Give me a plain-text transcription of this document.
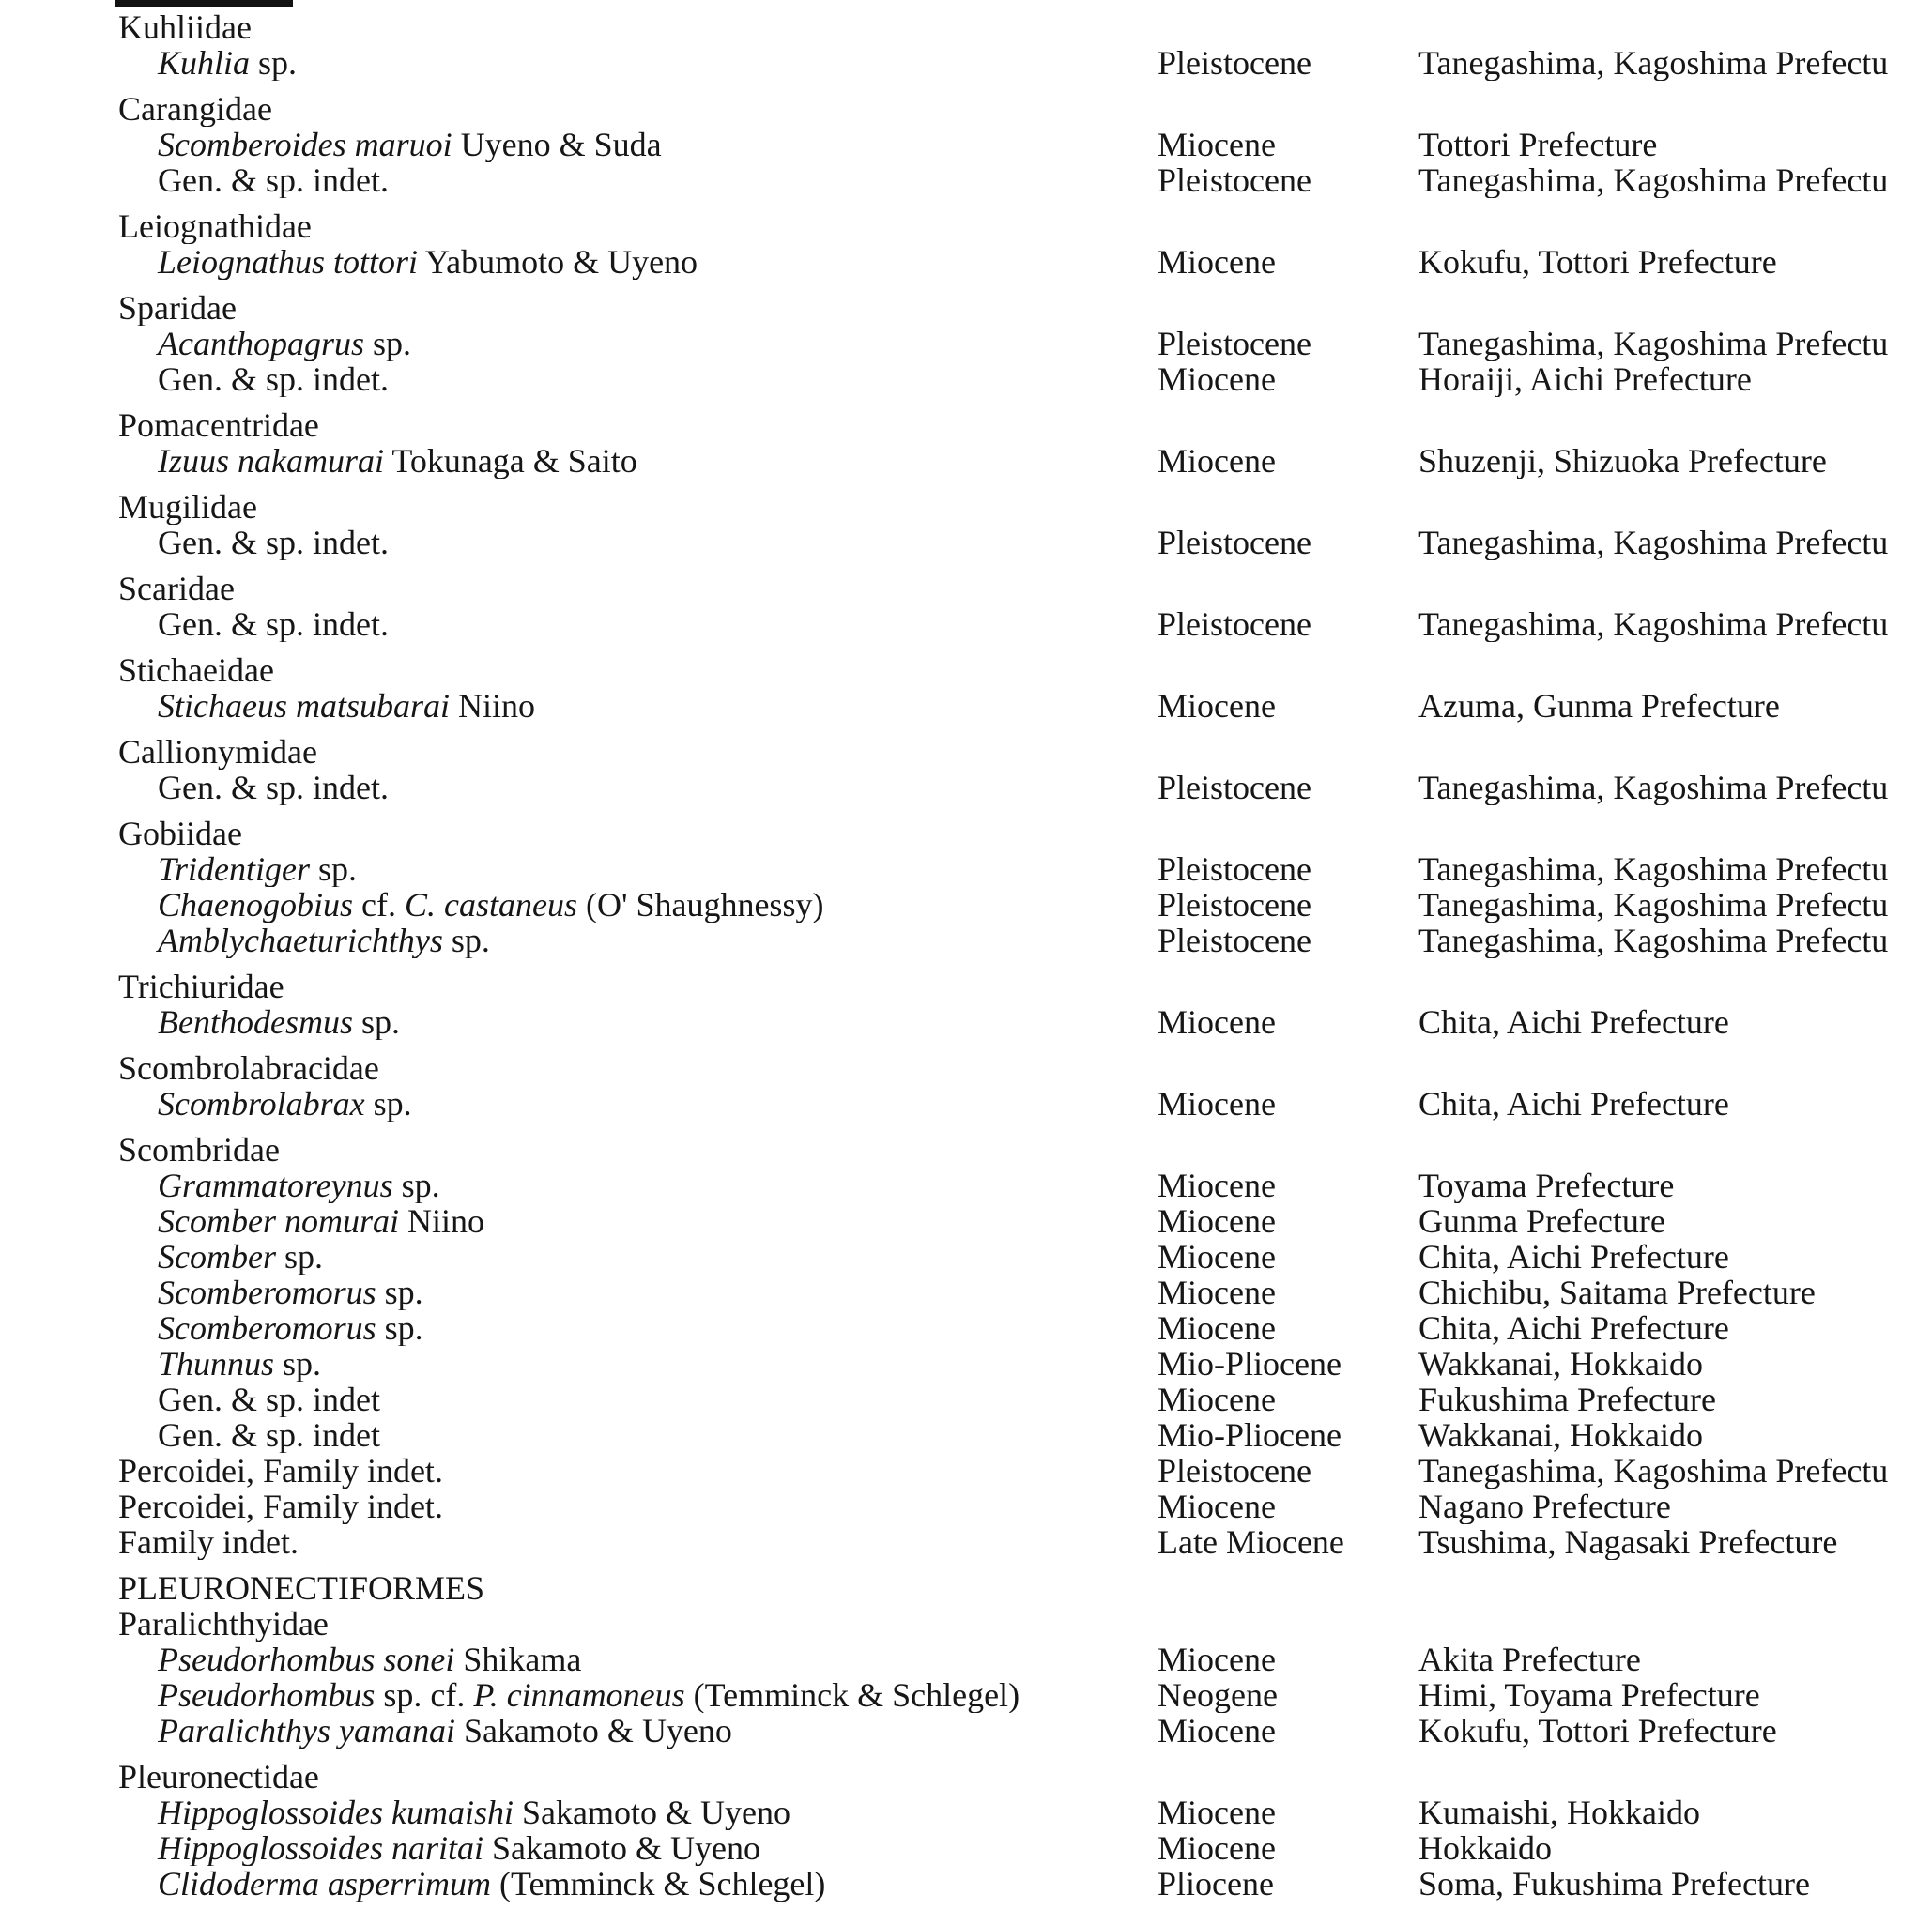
Kuhliidae
Kuhlia sp.	Pleistocene	Tanegashima, Kagoshima Prefectu
Carangidae
Scomberoides maruoi Uyeno & Suda	Miocene	Tottori Prefecture
Gen. & sp. indet.	Pleistocene	Tanegashima, Kagoshima Prefectu
Leiognathidae
Leiognathus tottori Yabumoto & Uyeno	Miocene	Kokufu, Tottori Prefecture
Sparidae
Acanthopagrus sp.	Pleistocene	Tanegashima, Kagoshima Prefectu
Gen. & sp. indet.	Miocene	Horaiji, Aichi Prefecture
Pomacentridae
Izuus nakamurai Tokunaga & Saito	Miocene	Shuzenji, Shizuoka Prefecture
Mugilidae
Gen. & sp. indet.	Pleistocene	Tanegashima, Kagoshima Prefectu
Scaridae
Gen. & sp. indet.	Pleistocene	Tanegashima, Kagoshima Prefectu
Stichaeidae
Stichaeus matsubarai Niino	Miocene	Azuma, Gunma Prefecture
Callionymidae
Gen. & sp. indet.	Pleistocene	Tanegashima, Kagoshima Prefectu
Gobiidae
Tridentiger sp.	Pleistocene	Tanegashima, Kagoshima Prefectu
Chaenogobius cf. C. castaneus (O' Shaughnessy)	Pleistocene	Tanegashima, Kagoshima Prefectu
Amblychaeturichthys sp.	Pleistocene	Tanegashima, Kagoshima Prefectu
Trichiuridae
Benthodesmus sp.	Miocene	Chita, Aichi Prefecture
Scombrolabracidae
Scombrolabrax sp.	Miocene	Chita, Aichi Prefecture
Scombridae
Grammatoreynus sp.	Miocene	Toyama Prefecture
Scomber nomurai Niino	Miocene	Gunma Prefecture
Scomber sp.	Miocene	Chita, Aichi Prefecture
Scomberomorus sp.	Miocene	Chichibu, Saitama Prefecture
Scomberomorus sp.	Miocene	Chita, Aichi Prefecture
Thunnus sp.	Mio-Pliocene	Wakkanai, Hokkaido
Gen. & sp. indet	Miocene	Fukushima Prefecture
Gen. & sp. indet	Mio-Pliocene	Wakkanai, Hokkaido
Percoidei, Family indet.	Pleistocene	Tanegashima, Kagoshima Prefectu
Percoidei, Family indet.	Miocene	Nagano Prefecture
Family indet.	Late Miocene	Tsushima, Nagasaki Prefecture
PLEURONECTIFORMES
Paralichthyidae
Pseudorhombus sonei Shikama	Miocene	Akita Prefecture
Pseudorhombus sp. cf. P. cinnamoneus (Temminck & Schlegel)	Neogene	Himi, Toyama Prefecture
Paralichthys yamanai Sakamoto & Uyeno	Miocene	Kokufu, Tottori Prefecture
Pleuronectidae
Hippoglossoides kumaishi Sakamoto & Uyeno	Miocene	Kumaishi, Hokkaido
Hippoglossoides naritai Sakamoto & Uyeno	Miocene	Hokkaido
Clidoderma asperrimum (Temminck & Schlegel)	Pliocene	Soma, Fukushima Prefecture
